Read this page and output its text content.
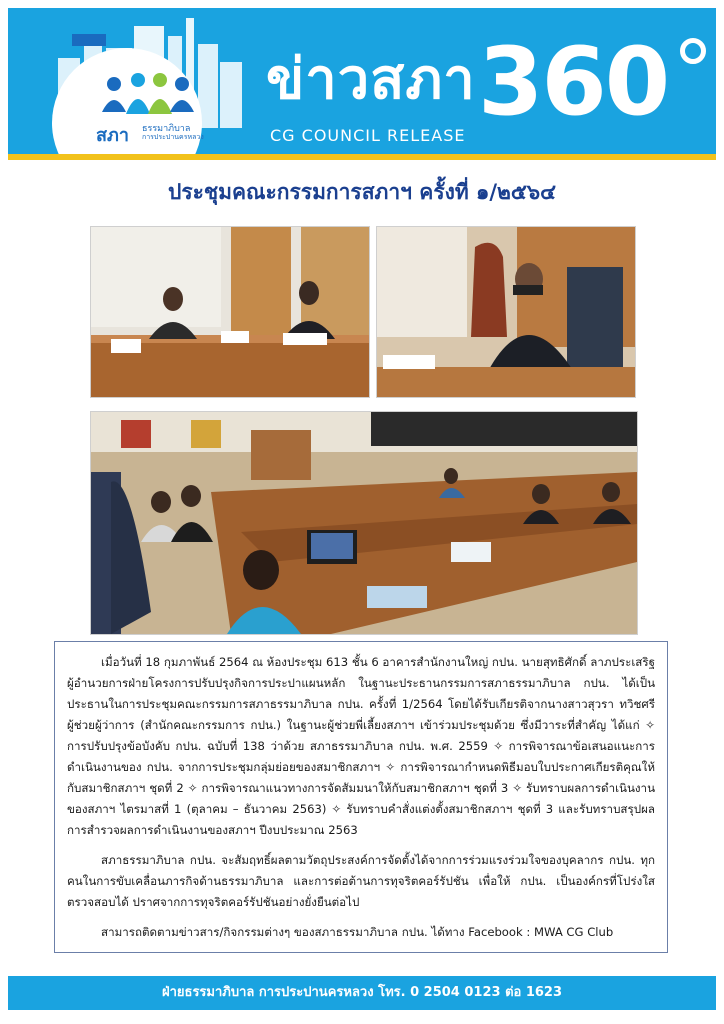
สภา ธรรมาภิบาล
การประปานครหลวง
ข่าวสภา 360
CG COUNCIL RELEASE
ประชุมคณะกรรมการสภาฯ ครั้งที่ ๑/๒๕๖๔

เมื่อวันที่ 18 กุมภาพันธ์ 2564 ณ ห้องประชุม 613 ชั้น 6 อาคารสำนักงานใหญ่ กปน. นายสุทธิศักดิ์ ลาภประเสริฐ ผู้อำนวยการฝ่ายโครงการปรับปรุงกิจการประปาแผนหลัก ในฐานะประธานกรรมการสภาธรรมาภิบาล กปน. ได้เป็นประธานในการประชุมคณะกรรมการสภาธรรมาภิบาล กปน. ครั้งที่ 1/2564 โดยได้รับเกียรติจากนางสาวสุวรา ทวิชศรี ผู้ช่วยผู้ว่าการ (สำนักคณะกรรมการ กปน.) ในฐานะผู้ช่วยพี่เลี้ยงสภาฯ เข้าร่วมประชุมด้วย ซึ่งมีวาระที่สำคัญ ได้แก่ ✧ การปรับปรุงข้อบังคับ กปน. ฉบับที่ 138 ว่าด้วย สภาธรรมาภิบาล กปน. พ.ศ. 2559 ✧ การพิจารณาข้อเสนอแนะการดำเนินงานของ กปน. จากการประชุมกลุ่มย่อยของสมาชิกสภาฯ ✧ การพิจารณากำหนดพิธีมอบใบประกาศเกียรติคุณให้กับสมาชิกสภาฯ ชุดที่ 2 ✧ การพิจารณาแนวทางการจัดสัมมนาให้กับสมาชิกสภาฯ ชุดที่ 3 ✧ รับทราบผลการดำเนินงานของสภาฯ ไตรมาสที่ 1 (ตุลาคม – ธันวาคม 2563) ✧ รับทราบคำสั่งแต่งตั้งสมาชิกสภาฯ ชุดที่ 3 และรับทราบสรุปผลการสำรวจผลการดำเนินงานของสภาฯ ปีงบประมาณ 2563

สภาธรรมาภิบาล กปน. จะสัมฤทธิ์ผลตามวัตถุประสงค์การจัดตั้งได้จากการร่วมแรงร่วมใจของบุคลากร กปน. ทุกคนในการขับเคลื่อนภารกิจด้านธรรมาภิบาล และการต่อต้านการทุจริตคอร์รัปชัน เพื่อให้ กปน. เป็นองค์กรที่โปร่งใสตรวจสอบได้ ปราศจากการทุจริตคอร์รัปชันอย่างยั่งยืนต่อไป

สามารถติดตามข่าวสาร/กิจกรรมต่างๆ ของสภาธรรมาภิบาล กปน. ได้ทาง Facebook : MWA CG Club

ฝ่ายธรรมาภิบาล การประปานครหลวง โทร. 0 2504 0123 ต่อ 1623
